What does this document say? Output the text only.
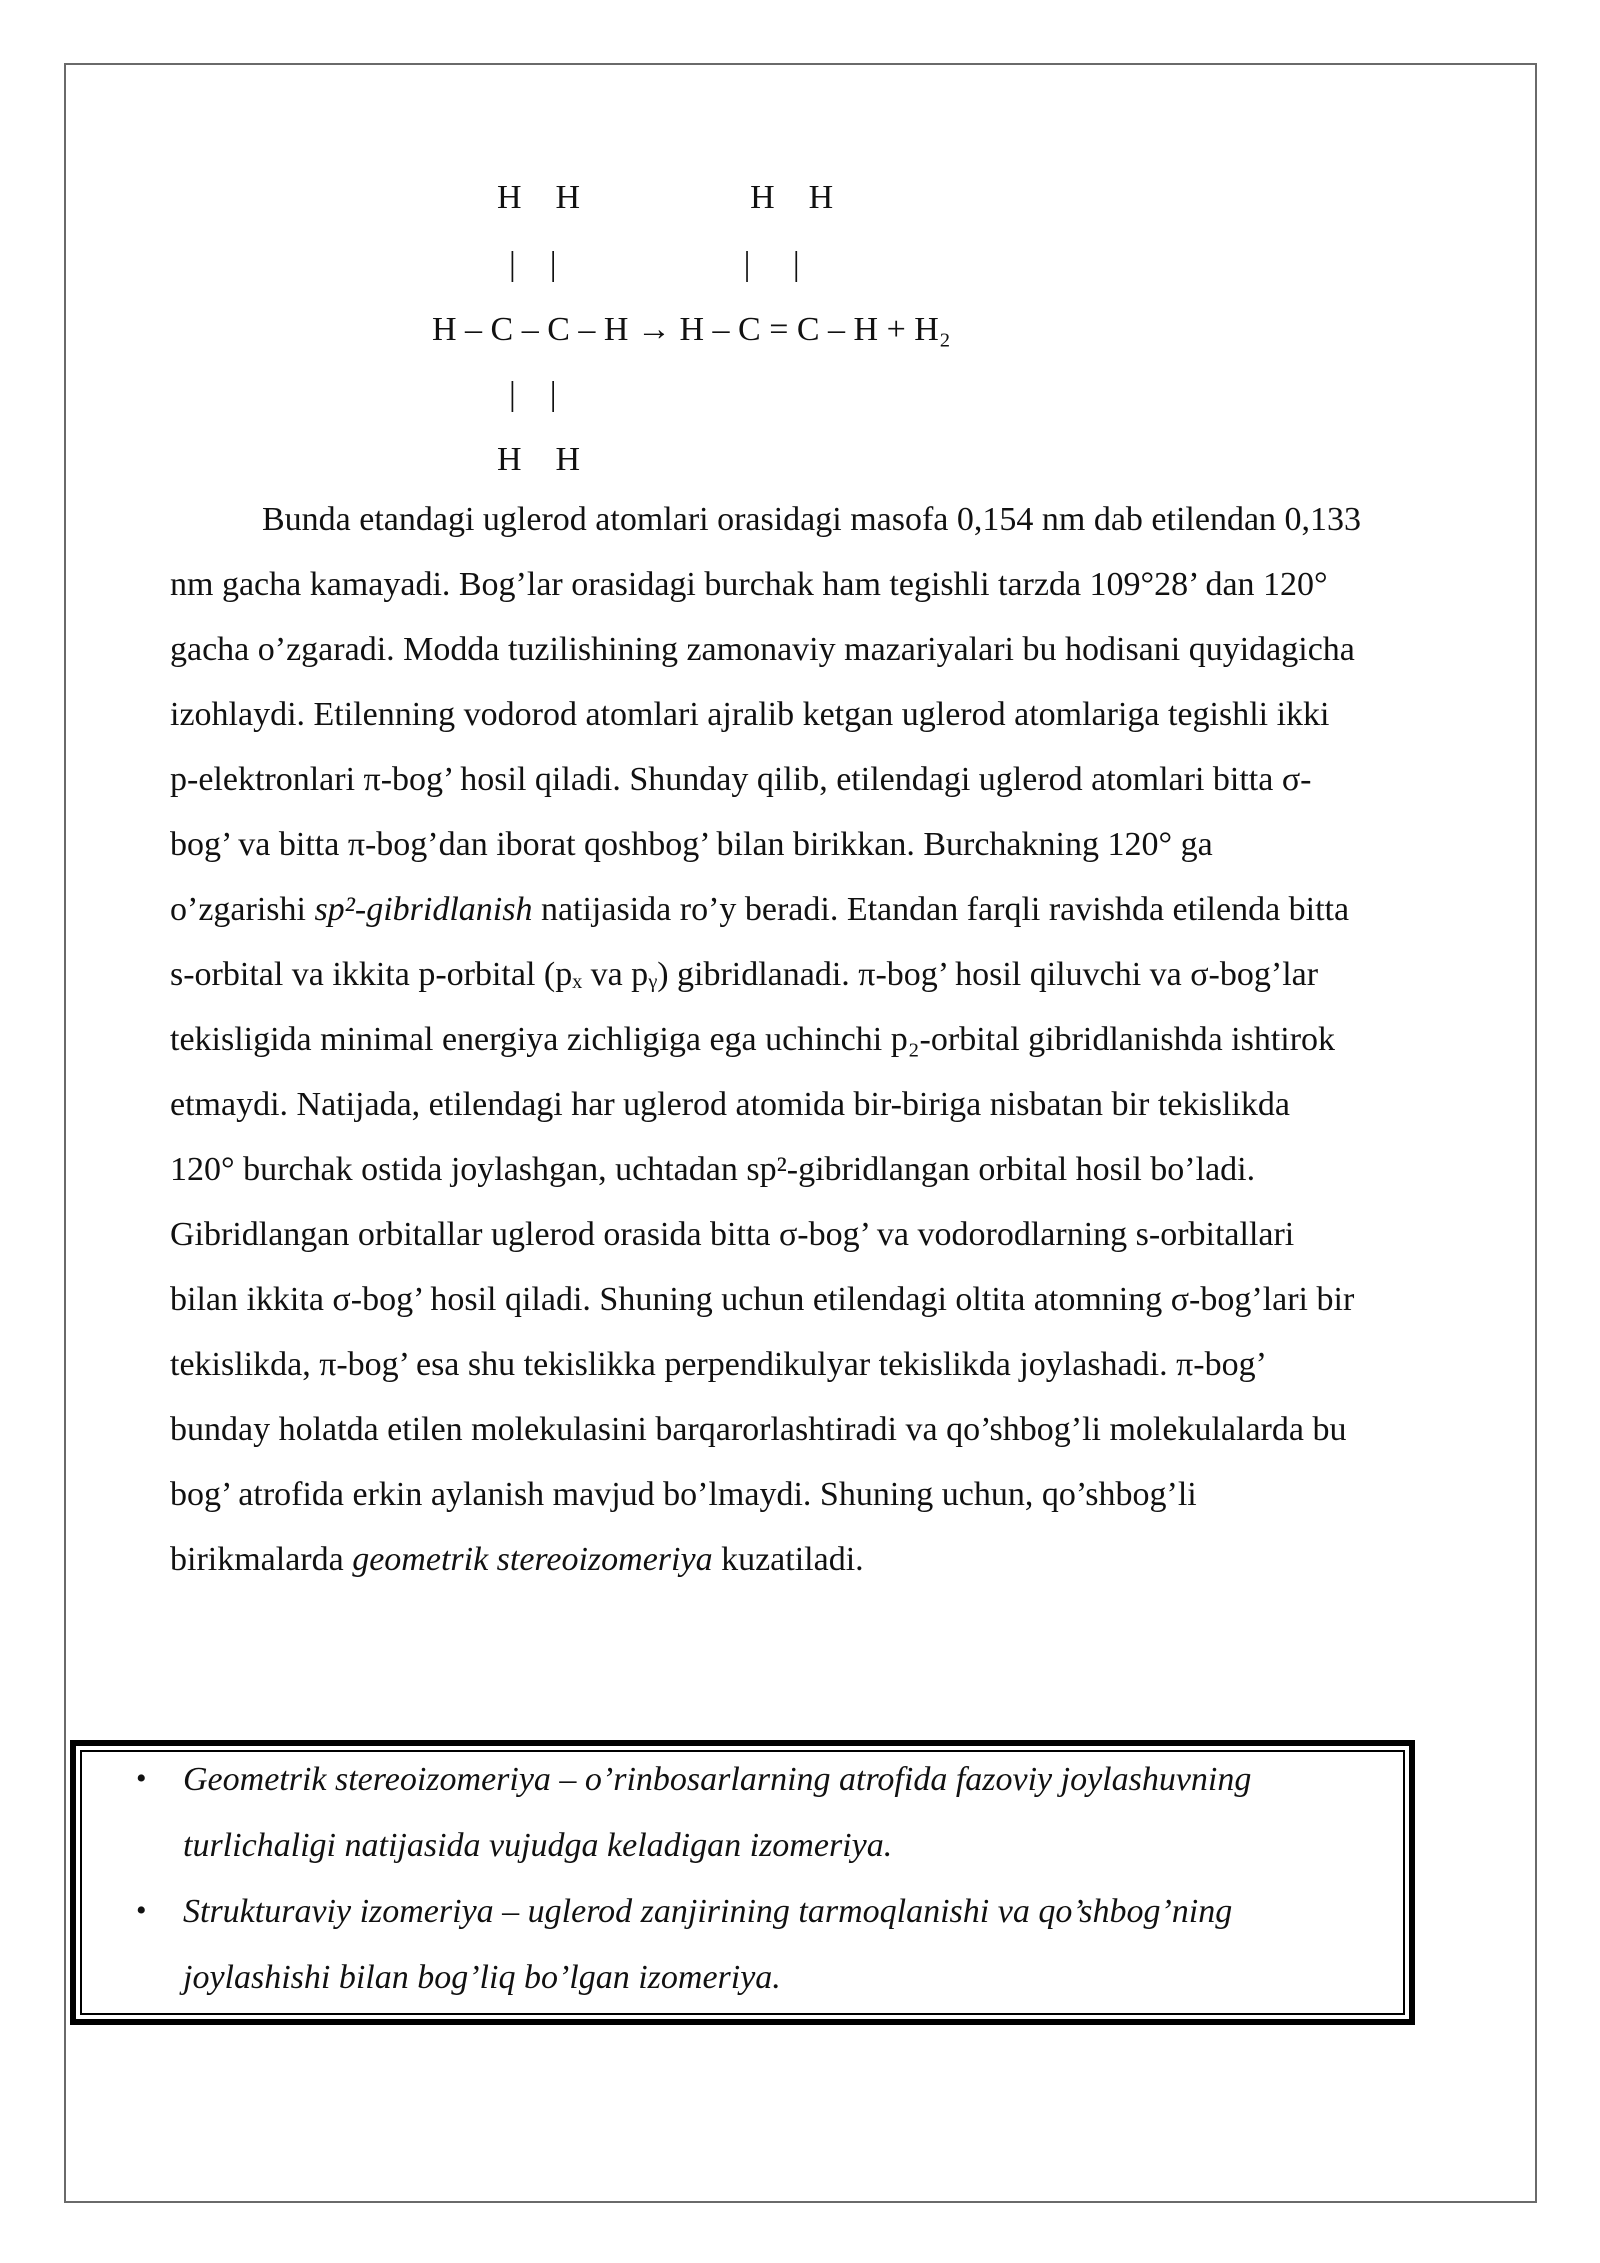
H    H                    H    H
|    |                      |     |
H – C – C – H → H – C = C – H + H₂
|    |
H    H
Bunda etandagi uglerod atomlari orasidagi masofa 0,154 nm dab etilendan 0,133
nm gacha kamayadi. Bog’lar orasidagi burchak ham tegishli tarzda 109°28’ dan 120°
gacha o’zgaradi. Modda tuzilishining zamonaviy mazariyalari bu hodisani quyidagicha
izohlaydi. Etilenning vodorod atomlari ajralib ketgan uglerod atomlariga tegishli ikki
p-elektronlari π-bog’ hosil qiladi. Shunday qilib, etilendagi uglerod atomlari bitta σ-
bog’ va bitta π-bog’dan iborat qoshbog’ bilan birikkan. Burchakning 120° ga
o’zgarishi sp²-gibridlanish natijasida ro’y beradi. Etandan farqli ravishda etilenda bitta
s-orbital va ikkita p-orbital (pₓ va pᵧ) gibridlanadi. π-bog’ hosil qiluvchi va σ-bog’lar
tekisligida minimal energiya zichligiga ega uchinchi p₂-orbital gibridlanishda ishtirok
etmaydi. Natijada, etilendagi har uglerod atomida bir-biriga nisbatan bir tekislikda
120° burchak ostida joylashgan, uchtadan sp²-gibridlangan orbital hosil bo’ladi.
Gibridlangan orbitallar uglerod orasida bitta σ-bog’ va vodorodlarning s-orbitallari
bilan ikkita σ-bog’ hosil qiladi. Shuning uchun etilendagi oltita atomning σ-bog’lari bir
tekislikda, π-bog’ esa shu tekislikka perpendikulyar tekislikda joylashadi. π-bog’
bunday holatda etilen molekulasini barqarorlashtiradi va qo’shbog’li molekulalarda bu
bog’ atrofida erkin aylanish mavjud bo’lmaydi. Shuning uchun, qo’shbog’li
birikmalarda geometrik stereoizomeriya kuzatiladi.
• Geometrik stereoizomeriya – o’rinbosarlarning atrofida fazoviy joylashuvning
turlichaligi natijasida vujudga keladigan izomeriya.
• Strukturaviy izomeriya – uglerod zanjirining tarmoqlanishi va qo’shbog’ning
joylashishi bilan bog’liq bo’lgan izomeriya.
